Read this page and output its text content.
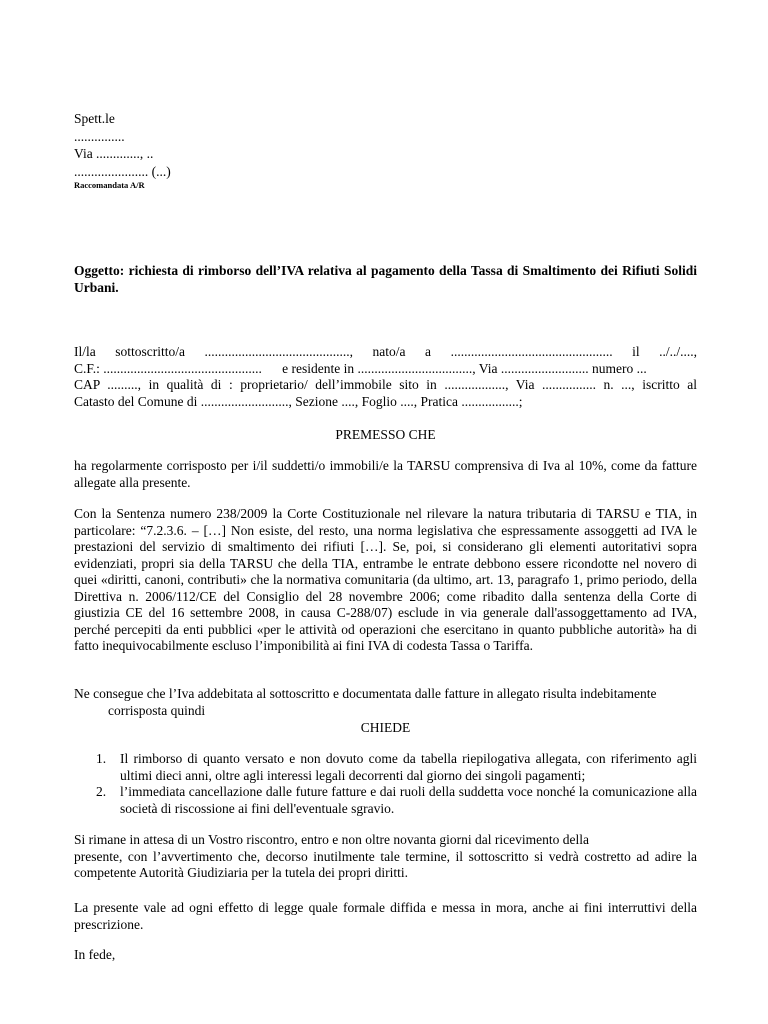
Spett.le
...............
Via ............., ..
...................... (...)
Raccomandata A/R
Oggetto: richiesta di rimborso dell’IVA relativa al pagamento della Tassa di Smaltimento dei Rifiuti Solidi Urbani.

Il/la   sottoscritto/a   ...........................................,   nato/a   a   ................................................   il   ../../....,

C.F.: ...............................................      e residente in .................................., Via .......................... numero ...

CAP ........., in qualità di : proprietario/ dell’immobile sito in .................., Via ................ n. ..., iscritto al

Catasto del Comune di .........................., Sezione ...., Foglio ...., Pratica .................;

PREMESSO CHE
ha regolarmente corrisposto per i/il suddetti/o immobili/e la TARSU comprensiva di Iva al 10%, come da fatture allegate alla presente.
Con la Sentenza numero 238/2009 la Corte Costituzionale nel rilevare la natura tributaria di TARSU e TIA, in particolare: “7.2.3.6. – […] Non esiste, del resto, una norma legislativa che espressamente assoggetti ad IVA le prestazioni del servizio di smaltimento dei rifiuti […]. Se, poi, si considerano gli elementi autoritativi sopra evidenziati, propri sia della TARSU che della TIA, entrambe le entrate debbono essere ricondotte nel novero di quei «diritti, canoni, contributi» che la normativa comunitaria (da ultimo, art. 13, paragrafo 1, primo periodo, della Direttiva n. 2006/112/CE del Consiglio del 28 novembre 2006; come ribadito dalla sentenza della Corte di giustizia CE del 16 settembre 2008, in causa C-288/07) esclude in via generale dall'assoggettamento ad IVA, perché percepiti da enti pubblici «per le attività od operazioni che esercitano in quanto pubbliche autorità» ha di fatto inequivocabilmente escluso l’imponibilità ai fini IVA di codesta Tassa o Tariffa.
Ne consegue che l’Iva addebitata al sottoscritto e documentata dalle fatture in allegato risulta indebitamente
corrisposta quindi
CHIEDE
1. Il rimborso di quanto versato e non dovuto come da tabella riepilogativa allegata, con riferimento agli ultimi dieci anni, oltre agli interessi legali decorrenti dal giorno dei singoli pagamenti;
2. l’immediata cancellazione dalle future fatture e dai ruoli della suddetta voce nonché la comunicazione alla società di riscossione ai fini dell'eventuale sgravio.
Si rimane in attesa di un Vostro riscontro, entro e non oltre novanta giorni dal ricevimento della
presente, con l’avvertimento che, decorso inutilmente tale termine, il sottoscritto si vedrà costretto ad adire la competente Autorità Giudiziaria per la tutela dei propri diritti.
La presente vale ad ogni effetto di legge quale formale diffida e messa in mora, anche ai fini interruttivi della prescrizione.
In fede,
